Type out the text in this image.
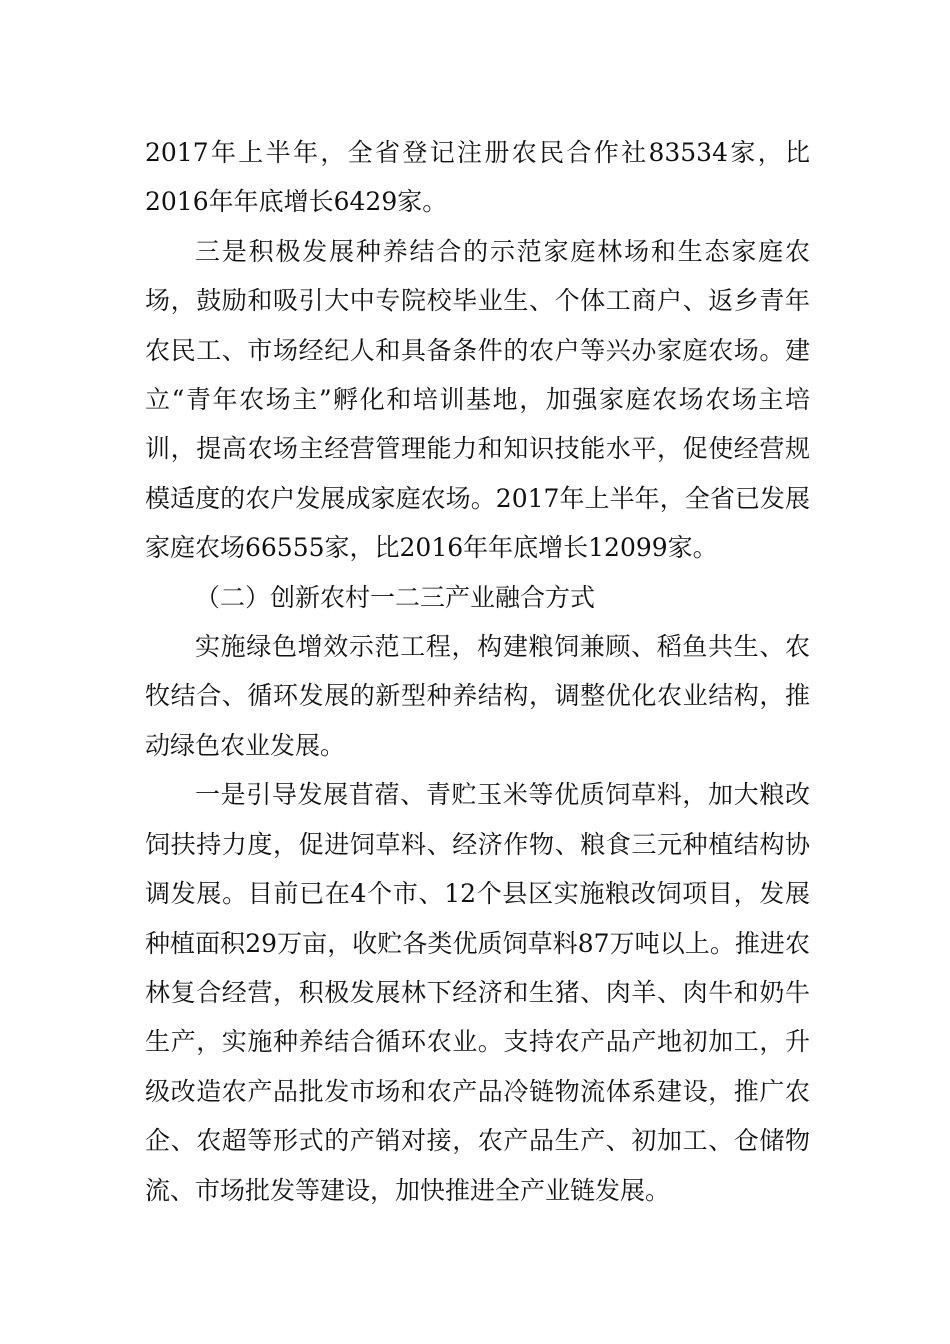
2017年上半年，全省登记注册农民合作社83534家，比2016年年底增长6429家。

三是积极发展种养结合的示范家庭林场和生态家庭农场，鼓励和吸引大中专院校毕业生、个体工商户、返乡青年农民工、市场经纪人和具备条件的农户等兴办家庭农场。建立“青年农场主”孵化和培训基地，加强家庭农场农场主培训，提高农场主经营管理能力和知识技能水平，促使经营规模适度的农户发展成家庭农场。2017年上半年，全省已发展家庭农场66555家，比2016年年底增长12099家。

（二）创新农村一二三产业融合方式

实施绿色增效示范工程，构建粮饲兼顾、稻鱼共生、农牧结合、循环发展的新型种养结构，调整优化农业结构，推动绿色农业发展。

一是引导发展苜蓿、青贮玉米等优质饲草料，加大粮改饲扶持力度，促进饲草料、经济作物、粮食三元种植结构协调发展。目前已在4个市、12个县区实施粮改饲项目，发展种植面积29万亩，收贮各类优质饲草料87万吨以上。推进农林复合经营，积极发展林下经济和生猪、肉羊、肉牛和奶牛生产，实施种养结合循环农业。支持农产品产地初加工，升级改造农产品批发市场和农产品冷链物流体系建设，推广农企、农超等形式的产销对接，农产品生产、初加工、仓储物流、市场批发等建设，加快推进全产业链发展。
